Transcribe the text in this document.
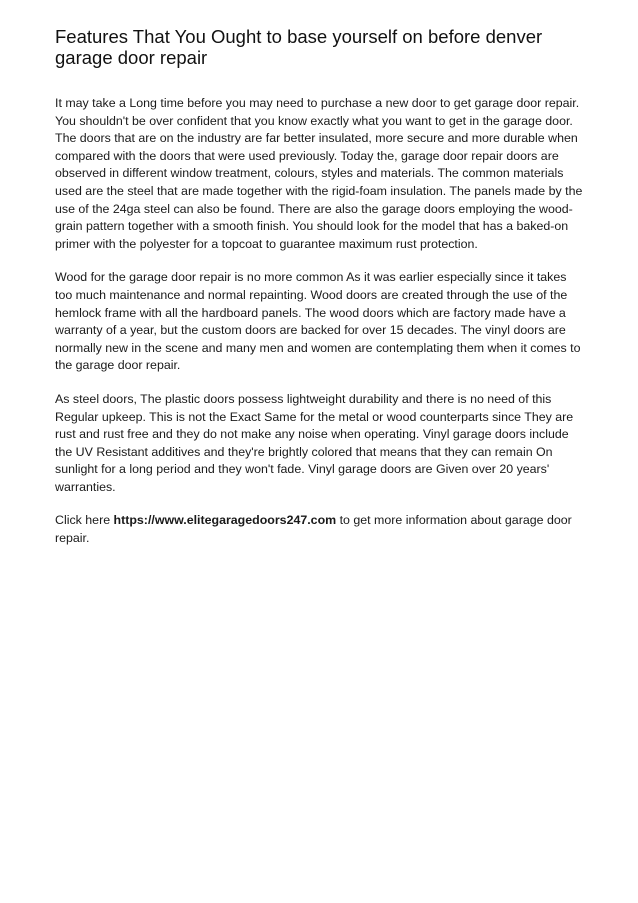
Features That You Ought to base yourself on before denver garage door repair

It may take a Long time before you may need to purchase a new door to get garage door repair. You shouldn't be over confident that you know exactly what you want to get in the garage door. The doors that are on the industry are far better insulated, more secure and more durable when compared with the doors that were used previously. Today the, garage door repair doors are observed in different window treatment, colours, styles and materials. The common materials used are the steel that are made together with the rigid-foam insulation. The panels made by the use of the 24ga steel can also be found. There are also the garage doors employing the wood-grain pattern together with a smooth finish. You should look for the model that has a baked-on primer with the polyester for a topcoat to guarantee maximum rust protection.

Wood for the garage door repair is no more common As it was earlier especially since it takes too much maintenance and normal repainting. Wood doors are created through the use of the hemlock frame with all the hardboard panels. The wood doors which are factory made have a warranty of a year, but the custom doors are backed for over 15 decades. The vinyl doors are normally new in the scene and many men and women are contemplating them when it comes to the garage door repair.

As steel doors, The plastic doors possess lightweight durability and there is no need of this Regular upkeep. This is not the Exact Same for the metal or wood counterparts since They are rust and rust free and they do not make any noise when operating. Vinyl garage doors include the UV Resistant additives and they're brightly colored that means that they can remain On sunlight for a long period and they won't fade. Vinyl garage doors are Given over 20 years' warranties.

Click here https://www.elitegaragedoors247.com to get more information about garage door repair.
